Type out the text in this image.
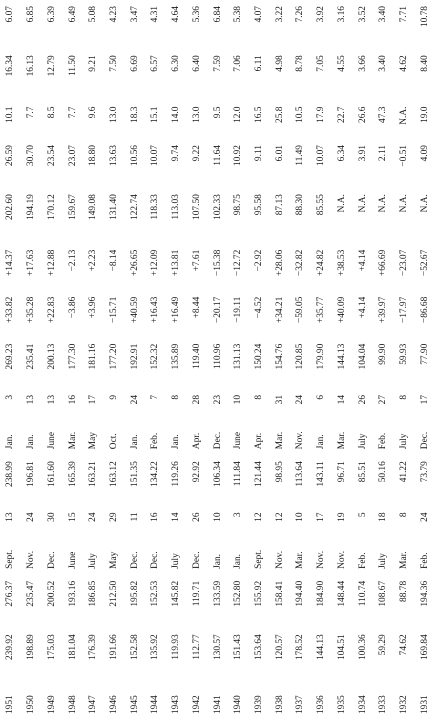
1951	239.92	276.37	Sept.	13	238.99	Jan.	3	269.23	+33.82	+14.37	202.60	26.59	10.1	16.34	6.07
1950	198.89	235.47	Nov.	24	196.81	Jan.	13	235.41	+35.28	+17.63	194.19	30.70	7.7	16.13	6.85
1949	175.03	200.52	Dec.	30	161.60	June	13	200.13	+22.83	+12.88	170.12	23.54	8.5	12.79	6.39
1948	181.04	193.16	June	15	165.39	Mar.	16	177.30	−3.86	−2.13	159.67	23.07	7.7	11.50	6.49
1947	176.39	186.85	July	24	163.21	May	17	181.16	+3.96	+2.23	149.08	18.80	9.6	9.21	5.08
1946	191.66	212.50	May	29	163.12	Oct.	9	177.20	−15.71	−8.14	131.40	13.63	13.0	7.50	4.23
1945	152.58	195.82	Dec.	11	151.35	Jan.	24	192.91	+40.59	+26.65	122.74	10.56	18.3	6.69	3.47
1944	135.92	152.53	Dec.	16	134.22	Feb.	7	152.32	+16.43	+12.09	118.33	10.07	15.1	6.57	4.31
1943	119.93	145.82	July	14	119.26	Jan.	8	135.89	+16.49	+13.81	113.03	9.74	14.0	6.30	4.64
1942	112.77	119.71	Dec.	26	92.92	Apr.	28	119.40	+8.44	+7.61	107.50	9.22	13.0	6.40	5.36
1941	130.57	133.59	Jan.	10	106.34	Dec.	23	110.96	−20.17	−15.38	102.33	11.64	9.5	7.59	6.84
1940	151.43	152.80	Jan.	3	111.84	June	10	131.13	−19.11	−12.72	98.75	10.92	12.0	7.06	5.38
1939	153.64	155.92	Sept.	12	121.44	Apr.	8	150.24	−4.52	−2.92	95.58	9.11	16.5	6.11	4.07
1938	120.57	158.41	Nov.	12	98.95	Mar.	31	154.76	+34.21	+28.06	87.13	6.01	25.8	4.98	3.22
1937	178.52	194.40	Mar.	10	113.64	Nov.	24	120.85	−59.05	−32.82	88.30	11.49	10.5	8.78	7.26
1936	144.13	184.90	Nov.	17	143.11	Jan.	6	179.90	+35.77	+24.82	85.55	10.07	17.9	7.05	3.92
1935	104.51	148.44	Nov.	19	96.71	Mar.	14	144.13	+40.09	+38.53	N.A.	6.34	22.7	4.55	3.16
1934	100.36	110.74	Feb.	5	85.51	July	26	104.04	+4.14	+4.14	N.A.	3.91	26.6	3.66	3.52
1933	59.29	108.67	July	18	50.16	Feb.	27	99.90	+39.97	+66.69	N.A.	2.11	47.3	3.40	3.40
1932	74.62	88.78	Mar.	8	41.22	July	8	59.93	−17.97	−23.07	N.A.	−0.51	N.A.	4.62	7.71
1931	169.84	194.36	Feb.	24	73.79	Dec.	17	77.90	−86.68	−52.67	N.A.	4.09	19.0	8.40	10.78
